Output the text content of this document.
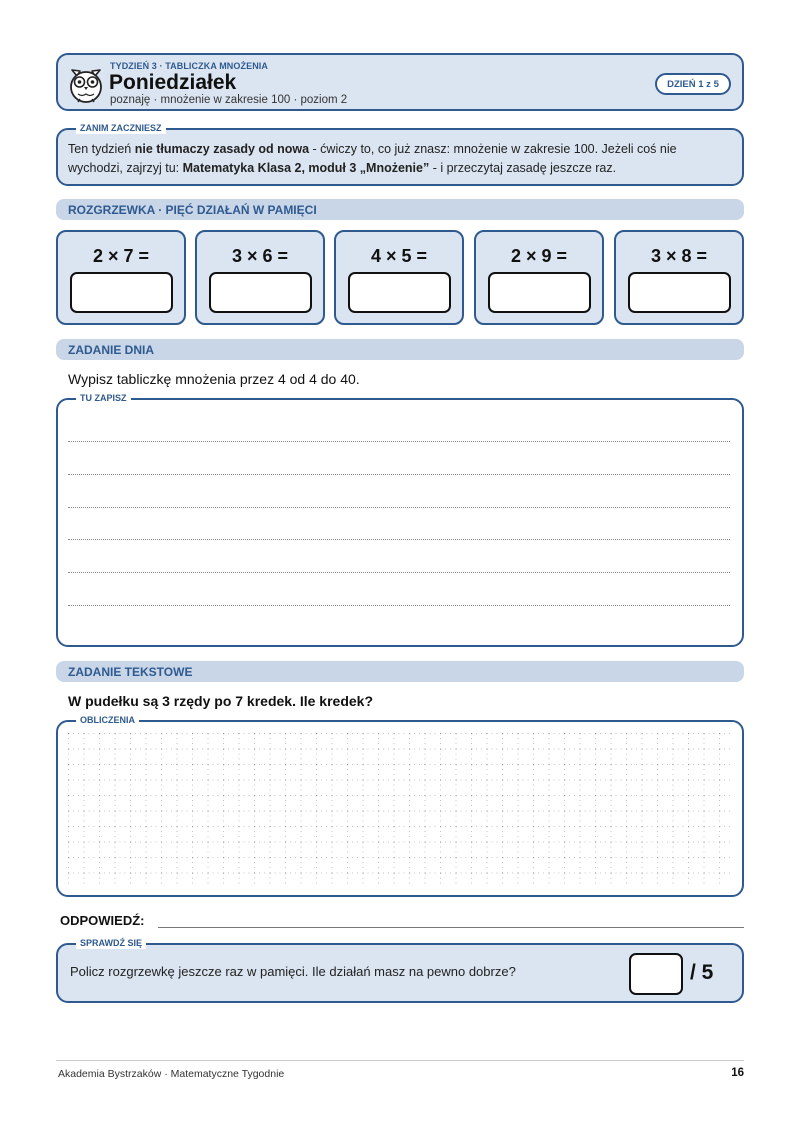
TYDZIEŃ 3 · TABLICZKA MNOŻENIA
Poniedziałek
poznaję · mnożenie w zakresie 100 · poziom 2
DZIEŃ 1 z 5
ZANIM ZACZNIESZ
Ten tydzień nie tłumaczy zasady od nowa - ćwiczy to, co już znasz: mnożenie w zakresie 100. Jeżeli coś nie wychodzi, zajrzyj tu: Matematyka Klasa 2, moduł 3 „Mnożenie” - i przeczytaj zasadę jeszcze raz.
ROZGRZEWKA · PIĘĆ DZIAŁAŃ W PAMIĘCI
2 × 7 =	3 × 6 =	4 × 5 =	2 × 9 =	3 × 8 =
ZADANIE DNIA
Wypisz tabliczkę mnożenia przez 4 od 4 do 40.
TU ZAPISZ
ZADANIE TEKSTOWE
W pudełku są 3 rzędy po 7 kredek. Ile kredek?
OBLICZENIA
ODPOWIEDŹ:
SPRAWDŹ SIĘ
Policz rozgrzewkę jeszcze raz w pamięci. Ile działań masz na pewno dobrze?	/ 5
Akademia Bystrzaków · Matematyczne Tygodnie	16
